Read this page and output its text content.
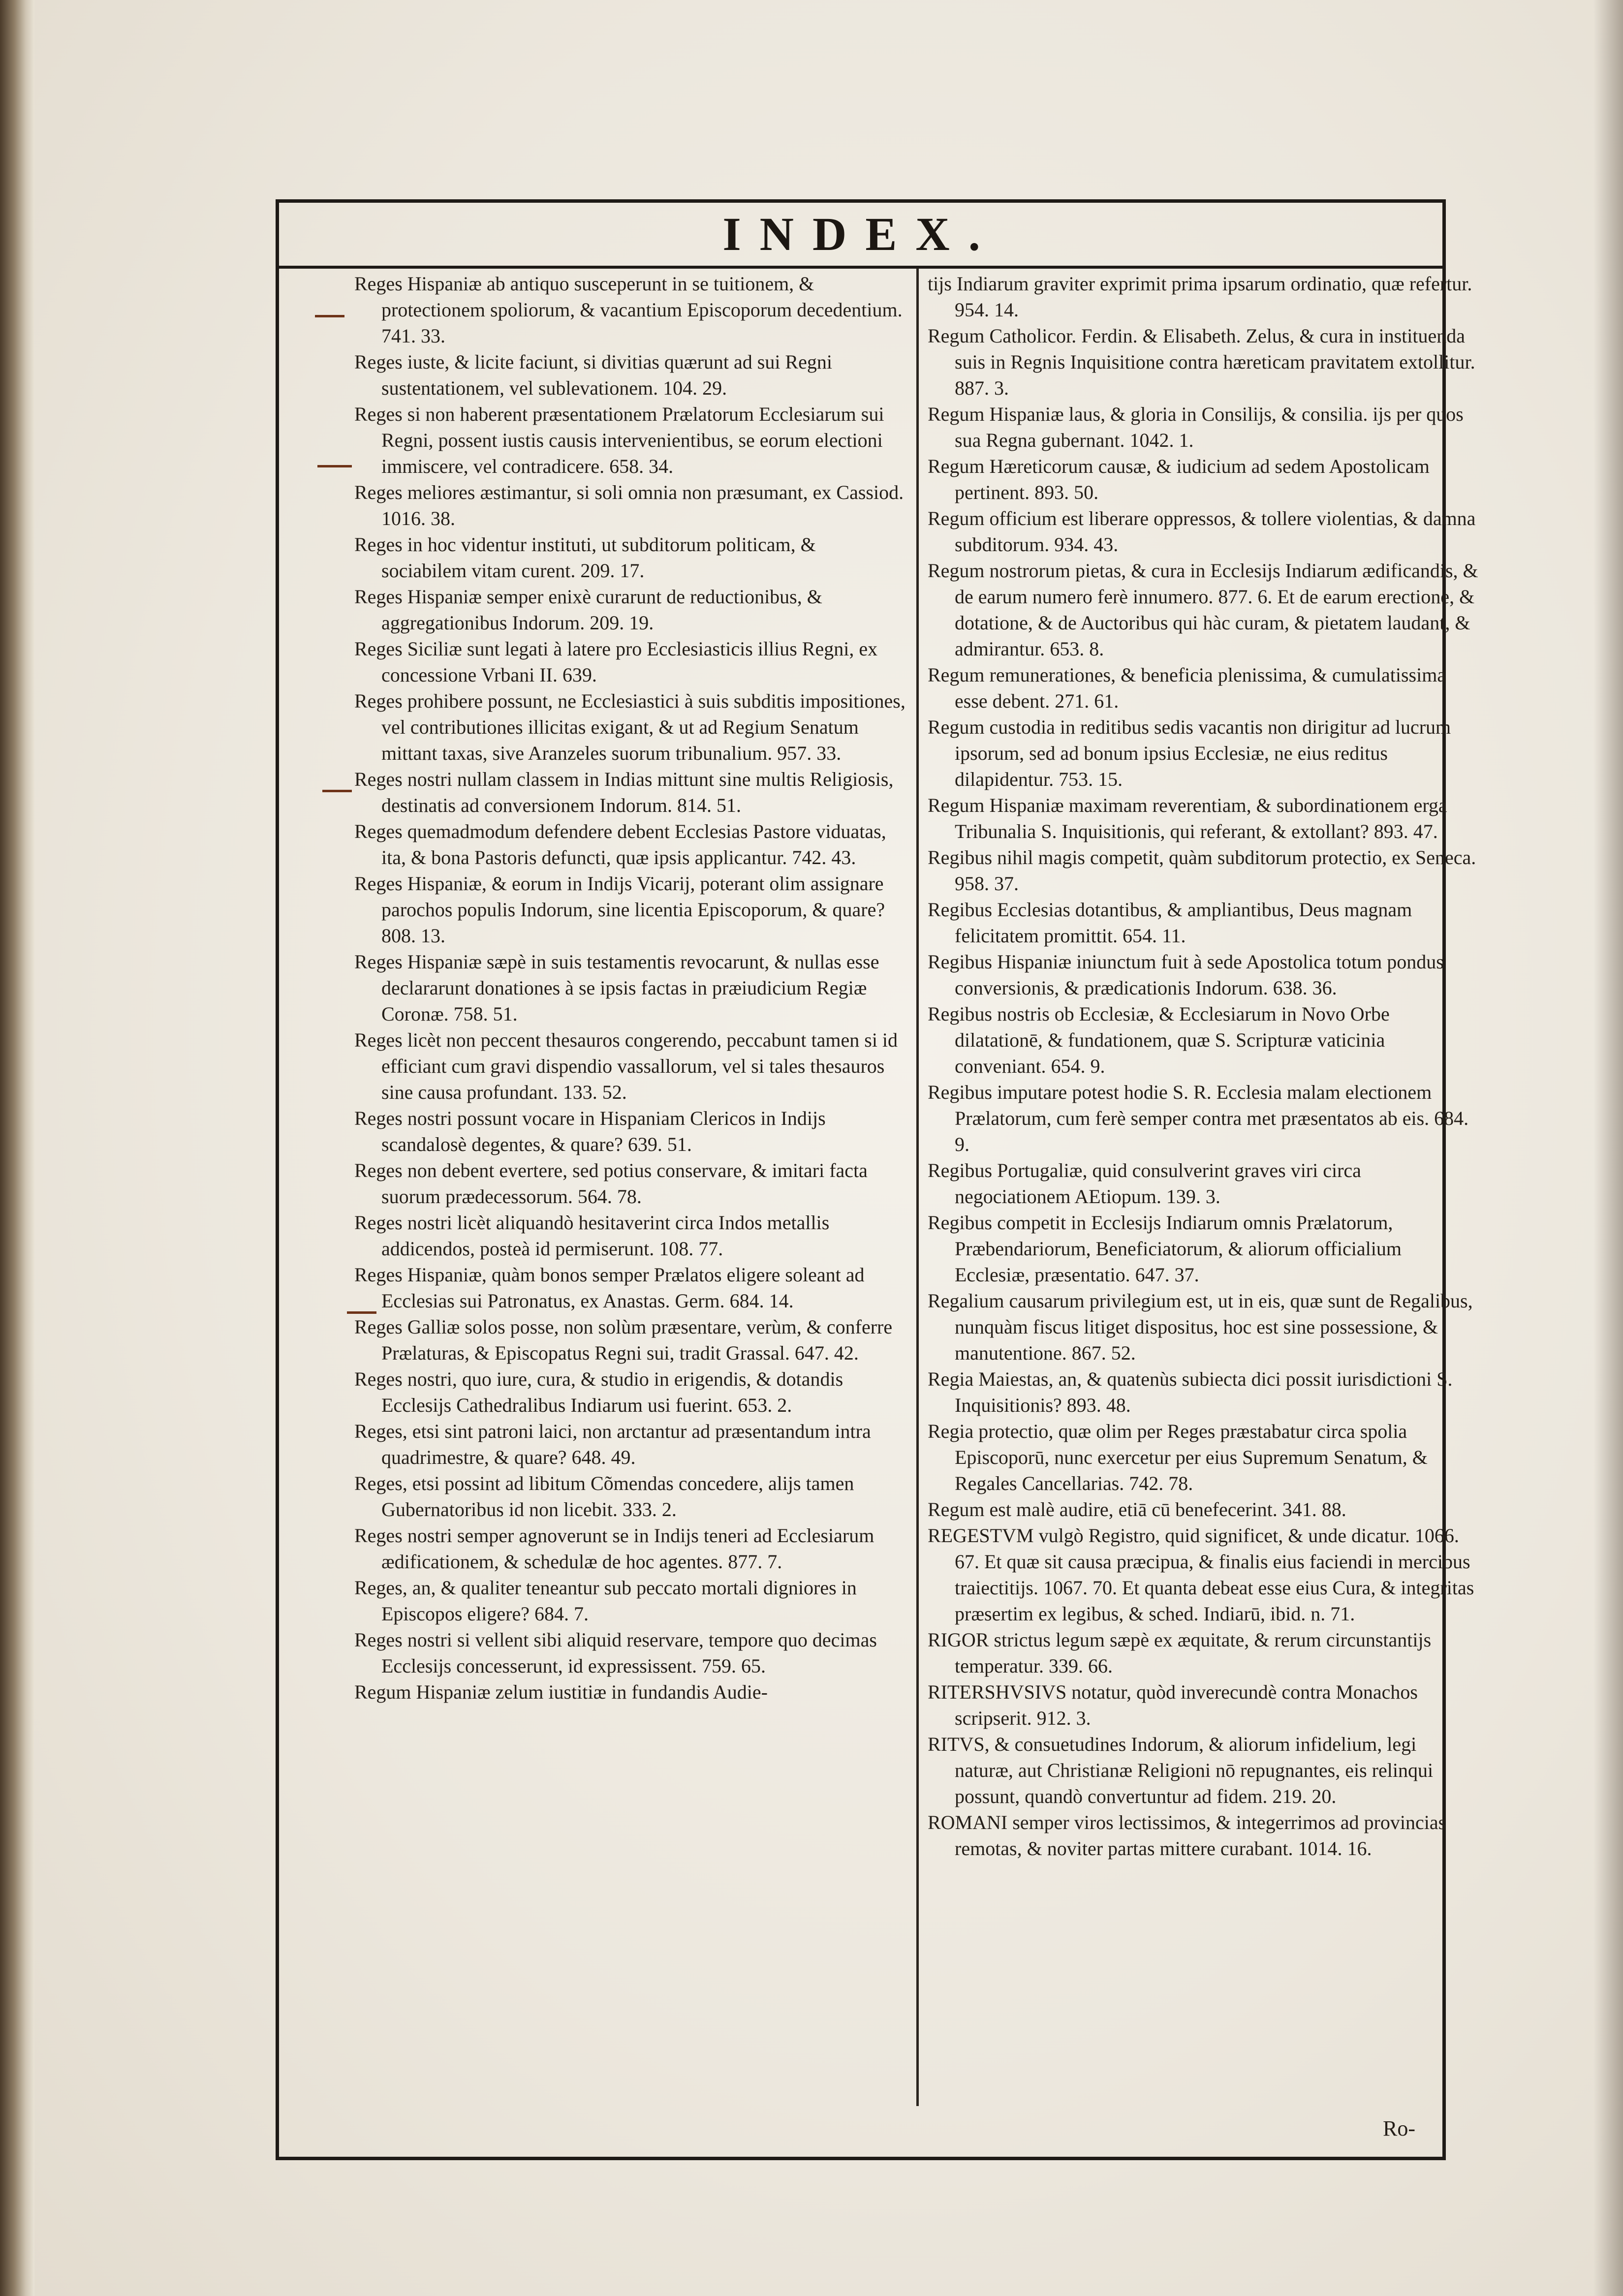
INDEX.

Reges Hispaniæ ab antiquo susceperunt in se tuitionem, & protectionem spoliorum, & vacantium Episcoporum decedentium. 741. 33.

Reges iuste, & licite faciunt, si divitias quærunt ad sui Regni sustentationem, vel sublevationem. 104. 29.

Reges si non haberent præsentationem Prælatorum Ecclesiarum sui Regni, possent iustis causis intervenientibus, se eorum electioni immiscere, vel contradicere. 658. 34.

Reges meliores æstimantur, si soli omnia non præsumant, ex Cassiod. 1016. 38.

Reges in hoc videntur instituti, ut subditorum politicam, & sociabilem vitam curent. 209. 17.

Reges Hispaniæ semper enixè curarunt de reductionibus, & aggregationibus Indorum. 209. 19.

Reges Siciliæ sunt legati à latere pro Ecclesiasticis illius Regni, ex concessione Vrbani II. 639.

Reges prohibere possunt, ne Ecclesiastici à suis subditis impositiones, vel contributiones illicitas exigant, & ut ad Regium Senatum mittant taxas, sive Aranzeles suorum tribunalium. 957. 33.

Reges nostri nullam classem in Indias mittunt sine multis Religiosis, destinatis ad conversionem Indorum. 814. 51.

Reges quemadmodum defendere debent Ecclesias Pastore viduatas, ita, & bona Pastoris defuncti, quæ ipsis applicantur. 742. 43.

Reges Hispaniæ, & eorum in Indijs Vicarij, poterant olim assignare parochos populis Indorum, sine licentia Episcoporum, & quare? 808. 13.

Reges Hispaniæ sæpè in suis testamentis revocarunt, & nullas esse declararunt donationes à se ipsis factas in præiudicium Regiæ Coronæ. 758. 51.

Reges licèt non peccent thesauros congerendo, peccabunt tamen si id efficiant cum gravi dispendio vassallorum, vel si tales thesauros sine causa profundant. 133. 52.

Reges nostri possunt vocare in Hispaniam Clericos in Indijs scandalosè degentes, & quare? 639. 51.

Reges non debent evertere, sed potius conservare, & imitari facta suorum prædecessorum. 564. 78.

Reges nostri licèt aliquandò hesitaverint circa Indos metallis addicendos, posteà id permiserunt. 108. 77.

Reges Hispaniæ, quàm bonos semper Prælatos eligere soleant ad Ecclesias sui Patronatus, ex Anastas. Germ. 684. 14.

Reges Galliæ solos posse, non solùm præsentare, verùm, & conferre Prælaturas, & Episcopatus Regni sui, tradit Grassal. 647. 42.

Reges nostri, quo iure, cura, & studio in erigendis, & dotandis Ecclesijs Cathedralibus Indiarum usi fuerint. 653. 2.

Reges, etsi sint patroni laici, non arctantur ad præsentandum intra quadrimestre, & quare? 648. 49.

Reges, etsi possint ad libitum Cõmendas concedere, alijs tamen Gubernatoribus id non licebit. 333. 2.

Reges nostri semper agnoverunt se in Indijs teneri ad Ecclesiarum ædificationem, & schedulæ de hoc agentes. 877. 7.

Reges, an, & qualiter teneantur sub peccato mortali digniores in Episcopos eligere? 684. 7.

Reges nostri si vellent sibi aliquid reservare, tempore quo decimas Ecclesijs concesserunt, id expressissent. 759. 65.

Regum Hispaniæ zelum iustitiæ in fundandis Audie-

tijs Indiarum graviter exprimit prima ipsarum ordinatio, quæ refertur. 954. 14.

Regum Catholicor. Ferdin. & Elisabeth. Zelus, & cura in instituenda suis in Regnis Inquisitione contra hæreticam pravitatem extollitur. 887. 3.

Regum Hispaniæ laus, & gloria in Consilijs, & consilia. ijs per quos sua Regna gubernant. 1042. 1.

Regum Hæreticorum causæ, & iudicium ad sedem Apostolicam pertinent. 893. 50.

Regum officium est liberare oppressos, & tollere violentias, & damna subditorum. 934. 43.

Regum nostrorum pietas, & cura in Ecclesijs Indiarum ædificandis, & de earum numero ferè innumero. 877. 6. Et de earum erectione, & dotatione, & de Auctoribus qui hàc curam, & pietatem laudant, & admirantur. 653. 8.

Regum remunerationes, & beneficia plenissima, & cumulatissima esse debent. 271. 61.

Regum custodia in reditibus sedis vacantis non dirigitur ad lucrum ipsorum, sed ad bonum ipsius Ecclesiæ, ne eius reditus dilapidentur. 753. 15.

Regum Hispaniæ maximam reverentiam, & subordinationem erga Tribunalia S. Inquisitionis, qui referant, & extollant? 893. 47.

Regibus nihil magis competit, quàm subditorum protectio, ex Seneca. 958. 37.

Regibus Ecclesias dotantibus, & ampliantibus, Deus magnam felicitatem promittit. 654. 11.

Regibus Hispaniæ iniunctum fuit à sede Apostolica totum pondus conversionis, & prædicationis Indorum. 638. 36.

Regibus nostris ob Ecclesiæ, & Ecclesiarum in Novo Orbe dilatationē, & fundationem, quæ S. Scripturæ vaticinia conveniant. 654. 9.

Regibus imputare potest hodie S. R. Ecclesia malam electionem Prælatorum, cum ferè semper contra met præsentatos ab eis. 684. 9.

Regibus Portugaliæ, quid consulverint graves viri circa negociationem AEtiopum. 139. 3.

Regibus competit in Ecclesijs Indiarum omnis Prælatorum, Præbendariorum, Beneficiatorum, & aliorum officialium Ecclesiæ, præsentatio. 647. 37.

Regalium causarum privilegium est, ut in eis, quæ sunt de Regalibus, nunquàm fiscus litiget dispositus, hoc est sine possessione, & manutentione. 867. 52.

Regia Maiestas, an, & quatenùs subiecta dici possit iurisdictioni S. Inquisitionis? 893. 48.

Regia protectio, quæ olim per Reges præstabatur circa spolia Episcoporū, nunc exercetur per eius Supremum Senatum, & Regales Cancellarias. 742. 78.

Regum est malè audire, etiā cū benefecerint. 341. 88.

REGESTVM vulgò Registro, quid significet, & unde dicatur. 1066. 67. Et quæ sit causa præcipua, & finalis eius faciendi in mercibus traiectitijs. 1067. 70. Et quanta debeat esse eius Cura, & integritas præsertim ex legibus, & sched. Indiarū, ibid. n. 71.

RIGOR strictus legum sæpè ex æquitate, & rerum circunstantijs temperatur. 339. 66.

RITERSHVSIVS notatur, quòd inverecundè contra Monachos scripserit. 912. 3.

RITVS, & consuetudines Indorum, & aliorum infidelium, legi naturæ, aut Christianæ Religioni nō repugnantes, eis relinqui possunt, quandò convertuntur ad fidem. 219. 20.

ROMANI semper viros lectissimos, & integerrimos ad provincias remotas, & noviter partas mittere curabant. 1014. 16.

Ro-
